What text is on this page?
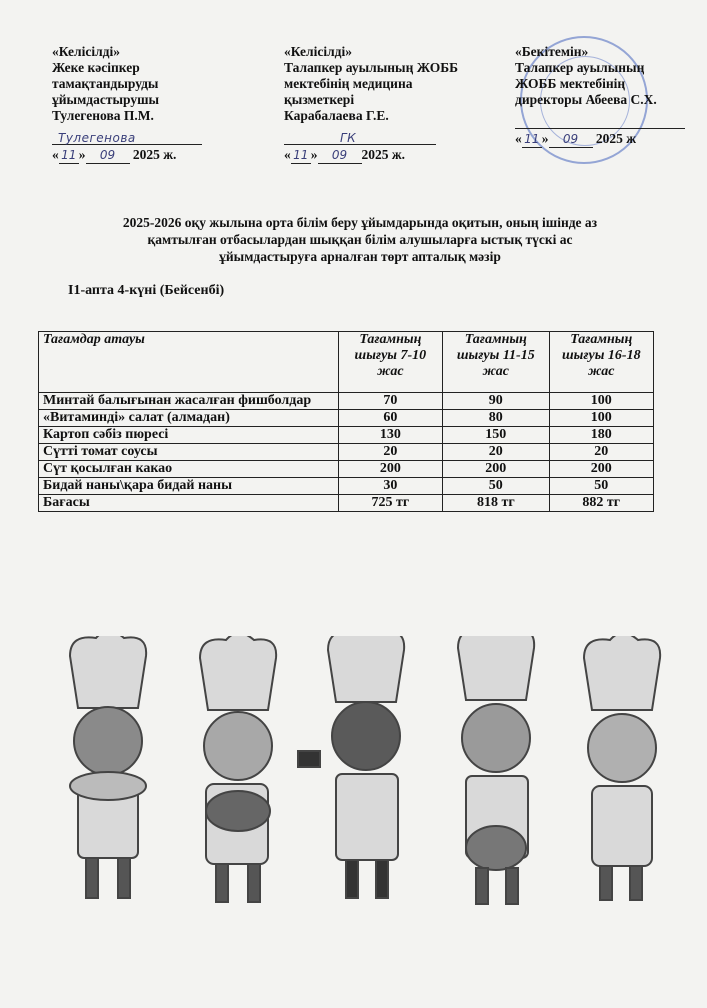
«Келісілді»
Жеке кәсіпкер
тамақтандыруды
ұйымдастырушы
Тулегенова П.М.
Тулегенова
« 11 » 09 2025 ж.
«Келісілді»
Талапкер ауылының ЖОББ
мектебінің медицина
қызметкері
Карабалаева Г.Е.
ГК
« 11 » 09 2025 ж.
«Бекітемін»
Талапкер ауылының
ЖОББ мектебінің
директоры Абеева С.Х.
« 11 » 09 2025 ж
2025-2026 оқу жылына орта білім беру ұйымдарында оқитын, оның ішінде аз
қамтылған отбасылардан шыққан білім алушыларға ыстық түскі ас
ұйымдастыруға арналған төрт апталық мәзір
I1-апта 4-күні (Бейсенбі)
Тағамдар атауы	Тағамның шығуы 7-10 жас	Тағамның шығуы 11-15 жас	Тағамның шығуы 16-18 жас
Минтай балығынан жасалған фишболдар	70	90	100
«Витаминді» салат (алмадан)	60	80	100
Картоп сәбіз пюресі	130	150	180
Сүтті томат соусы	20	20	20
Сүт қосылған какао	200	200	200
Бидай наны\қара бидай наны	30	50	50
Бағасы	725 тг	818 тг	882 тг
